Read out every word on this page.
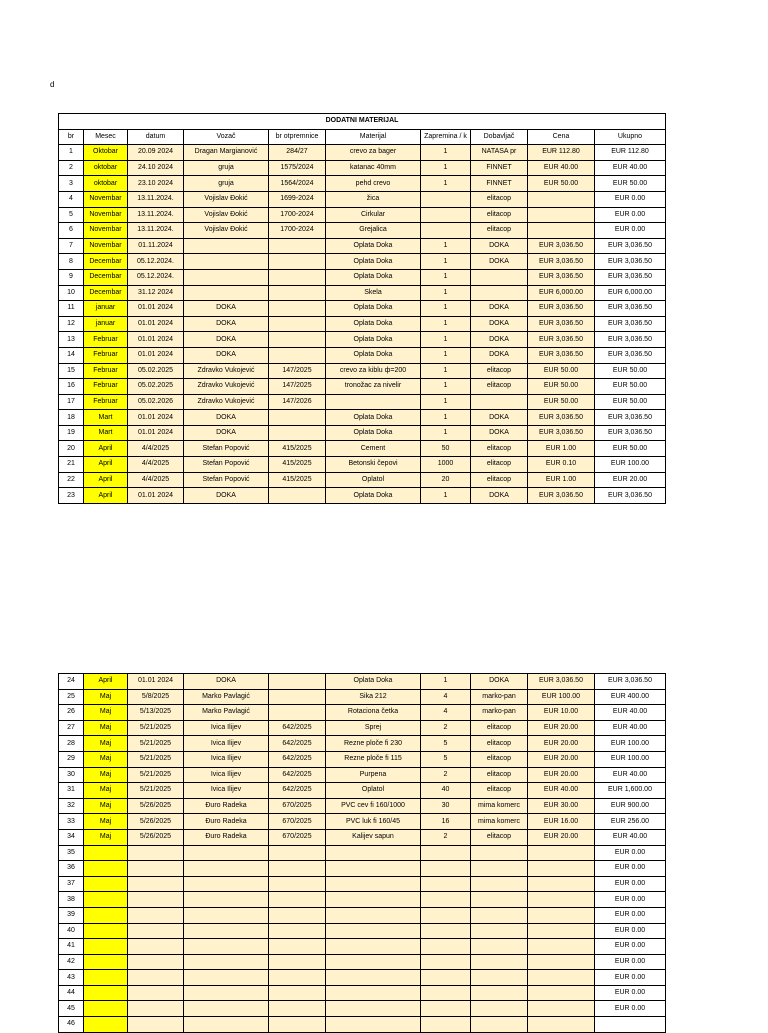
d
DODATNI MATERIJAL									
br	Mesec	datum	Vozač	br otpremnice	Materijal	Zapremina / k	Dobavljač	Cena	Ukupno
1	Oktobar	20.09 2024	Dragan Margianović	284/27	crevo za bager	1	NATASA pr	EUR 112.80	EUR 112.80
2	oktobar	24.10 2024	gruja	1575/2024	katanac 40mm	1	FINNET	EUR 40.00	EUR 40.00
3	oktobar	23.10 2024	gruja	1564/2024	pehd crevo	1	FINNET	EUR 50.00	EUR 50.00
4	Novembar	13.11.2024.	Vojislav Đokić	1699-2024	žica		elitacop		EUR 0.00
5	Novembar	13.11.2024.	Vojislav Đokić	1700-2024	Cirkular		elitacop		EUR 0.00
6	Novembar	13.11.2024.	Vojislav Đokić	1700-2024	Grejalica		elitacop		EUR 0.00
7	Novembar	01.11.2024			Oplata Doka	1	DOKA	EUR 3,036.50	EUR 3,036.50
8	Decembar	05.12.2024.			Oplata Doka	1	DOKA	EUR 3,036.50	EUR 3,036.50
9	Decembar	05.12.2024.			Oplata Doka	1		EUR 3,036.50	EUR 3,036.50
10	Decembar	31.12 2024			Skela	1		EUR 6,000.00	EUR 6,000.00
11	januar	01.01 2024	DOKA		Oplata Doka	1	DOKA	EUR 3,036.50	EUR 3,036.50
12	januar	01.01 2024	DOKA		Oplata Doka	1	DOKA	EUR 3,036.50	EUR 3,036.50
13	Februar	01.01 2024	DOKA		Oplata Doka	1	DOKA	EUR 3,036.50	EUR 3,036.50
14	Februar	01.01 2024	DOKA		Oplata Doka	1	DOKA	EUR 3,036.50	EUR 3,036.50
15	Februar	05.02.2025	Zdravko Vukojević	147/2025	crevo za kiblu ф=200	1	elitacop	EUR 50.00	EUR 50.00
16	Februar	05.02.2025	Zdravko Vukojević	147/2025	tronožac za nivelir	1	elitacop	EUR 50.00	EUR 50.00
17	Februar	05.02.2026	Zdravko Vukojević	147/2026		1		EUR 50.00	EUR 50.00
18	Mart	01.01 2024	DOKA		Oplata Doka	1	DOKA	EUR 3,036.50	EUR 3,036.50
19	Mart	01.01 2024	DOKA		Oplata Doka	1	DOKA	EUR 3,036.50	EUR 3,036.50
20	April	4/4/2025	Stefan Popović	415/2025	Cement	50	elitacop	EUR 1.00	EUR 50.00
21	April	4/4/2025	Stefan Popović	415/2025	Betonski čepovi	1000	elitacop	EUR 0.10	EUR 100.00
22	April	4/4/2025	Stefan Popović	415/2025	Oplatol	20	elitacop	EUR 1.00	EUR 20.00
23	April	01.01 2024	DOKA		Oplata Doka	1	DOKA	EUR 3,036.50	EUR 3,036.50
24	April	01.01 2024	DOKA		Oplata Doka	1	DOKA	EUR 3,036.50	EUR 3,036.50
25	Maj	5/8/2025	Marko Pavlagić		Sika 212	4	marko-pan	EUR 100.00	EUR 400.00
26	Maj	5/13/2025	Marko Pavlagić		Rotaciona četka	4	marko-pan	EUR 10.00	EUR 40.00
27	Maj	5/21/2025	Ivica Ilijev	642/2025	Sprej	2	elitacop	EUR 20.00	EUR 40.00
28	Maj	5/21/2025	Ivica Ilijev	642/2025	Rezne ploče fi 230	5	elitacop	EUR 20.00	EUR 100.00
29	Maj	5/21/2025	Ivica Ilijev	642/2025	Rezne ploče fi 115	5	elitacop	EUR 20.00	EUR 100.00
30	Maj	5/21/2025	Ivica Ilijev	642/2025	Purpena	2	elitacop	EUR 20.00	EUR 40.00
31	Maj	5/21/2025	Ivica Ilijev	642/2025	Oplatol	40	elitacop	EUR 40.00	EUR 1,600.00
32	Maj	5/26/2025	Đuro Radeka	670/2025	PVC cev fi 160/1000	30	mima komerc	EUR 30.00	EUR 900.00
33	Maj	5/26/2025	Đuro Radeka	670/2025	PVC luk fi 160/45	16	mima komerc	EUR 16.00	EUR 256.00
34	Maj	5/26/2025	Đuro Radeka	670/2025	Kalijev sapun	2	elitacop	EUR 20.00	EUR 40.00
35									EUR 0.00
36									EUR 0.00
37									EUR 0.00
38									EUR 0.00
39									EUR 0.00
40									EUR 0.00
41									EUR 0.00
42									EUR 0.00
43									EUR 0.00
44									EUR 0.00
45									EUR 0.00
46									
